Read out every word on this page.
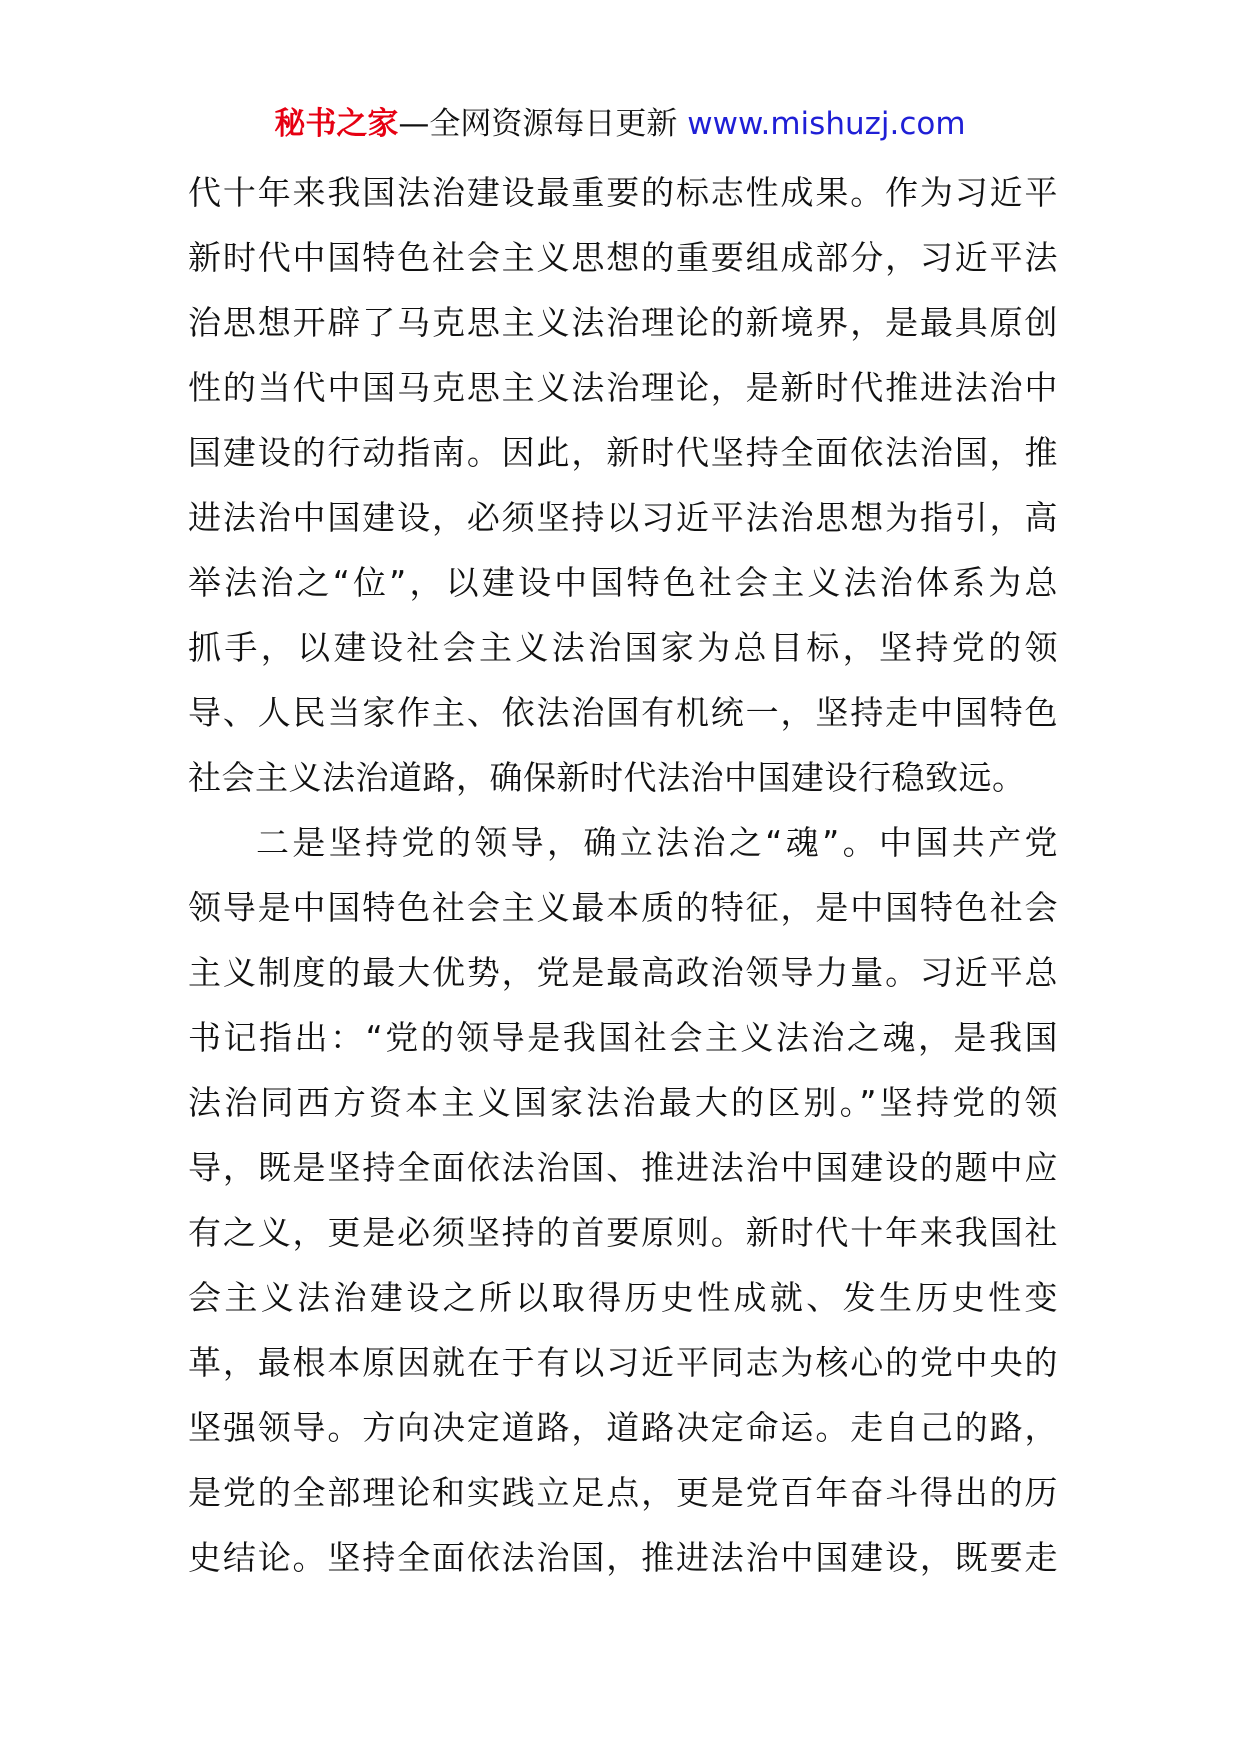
秘书之家—全网资源每日更新 www.mishuzj.com
代十年来我国法治建设最重要的标志性成果。作为习近平
新时代中国特色社会主义思想的重要组成部分，习近平法
治思想开辟了马克思主义法治理论的新境界，是最具原创
性的当代中国马克思主义法治理论，是新时代推进法治中
国建设的行动指南。因此，新时代坚持全面依法治国，推
进法治中国建设，必须坚持以习近平法治思想为指引，高
举法治之“位”，以建设中国特色社会主义法治体系为总
抓手，以建设社会主义法治国家为总目标，坚持党的领
导、人民当家作主、依法治国有机统一，坚持走中国特色
社会主义法治道路，确保新时代法治中国建设行稳致远。
二是坚持党的领导，确立法治之“魂”。中国共产党
领导是中国特色社会主义最本质的特征，是中国特色社会
主义制度的最大优势，党是最高政治领导力量。习近平总
书记指出：“党的领导是我国社会主义法治之魂，是我国
法治同西方资本主义国家法治最大的区别。”坚持党的领
导，既是坚持全面依法治国、推进法治中国建设的题中应
有之义，更是必须坚持的首要原则。新时代十年来我国社
会主义法治建设之所以取得历史性成就、发生历史性变
革，最根本原因就在于有以习近平同志为核心的党中央的
坚强领导。方向决定道路，道路决定命运。走自己的路，
是党的全部理论和实践立足点，更是党百年奋斗得出的历
史结论。坚持全面依法治国，推进法治中国建设，既要走
